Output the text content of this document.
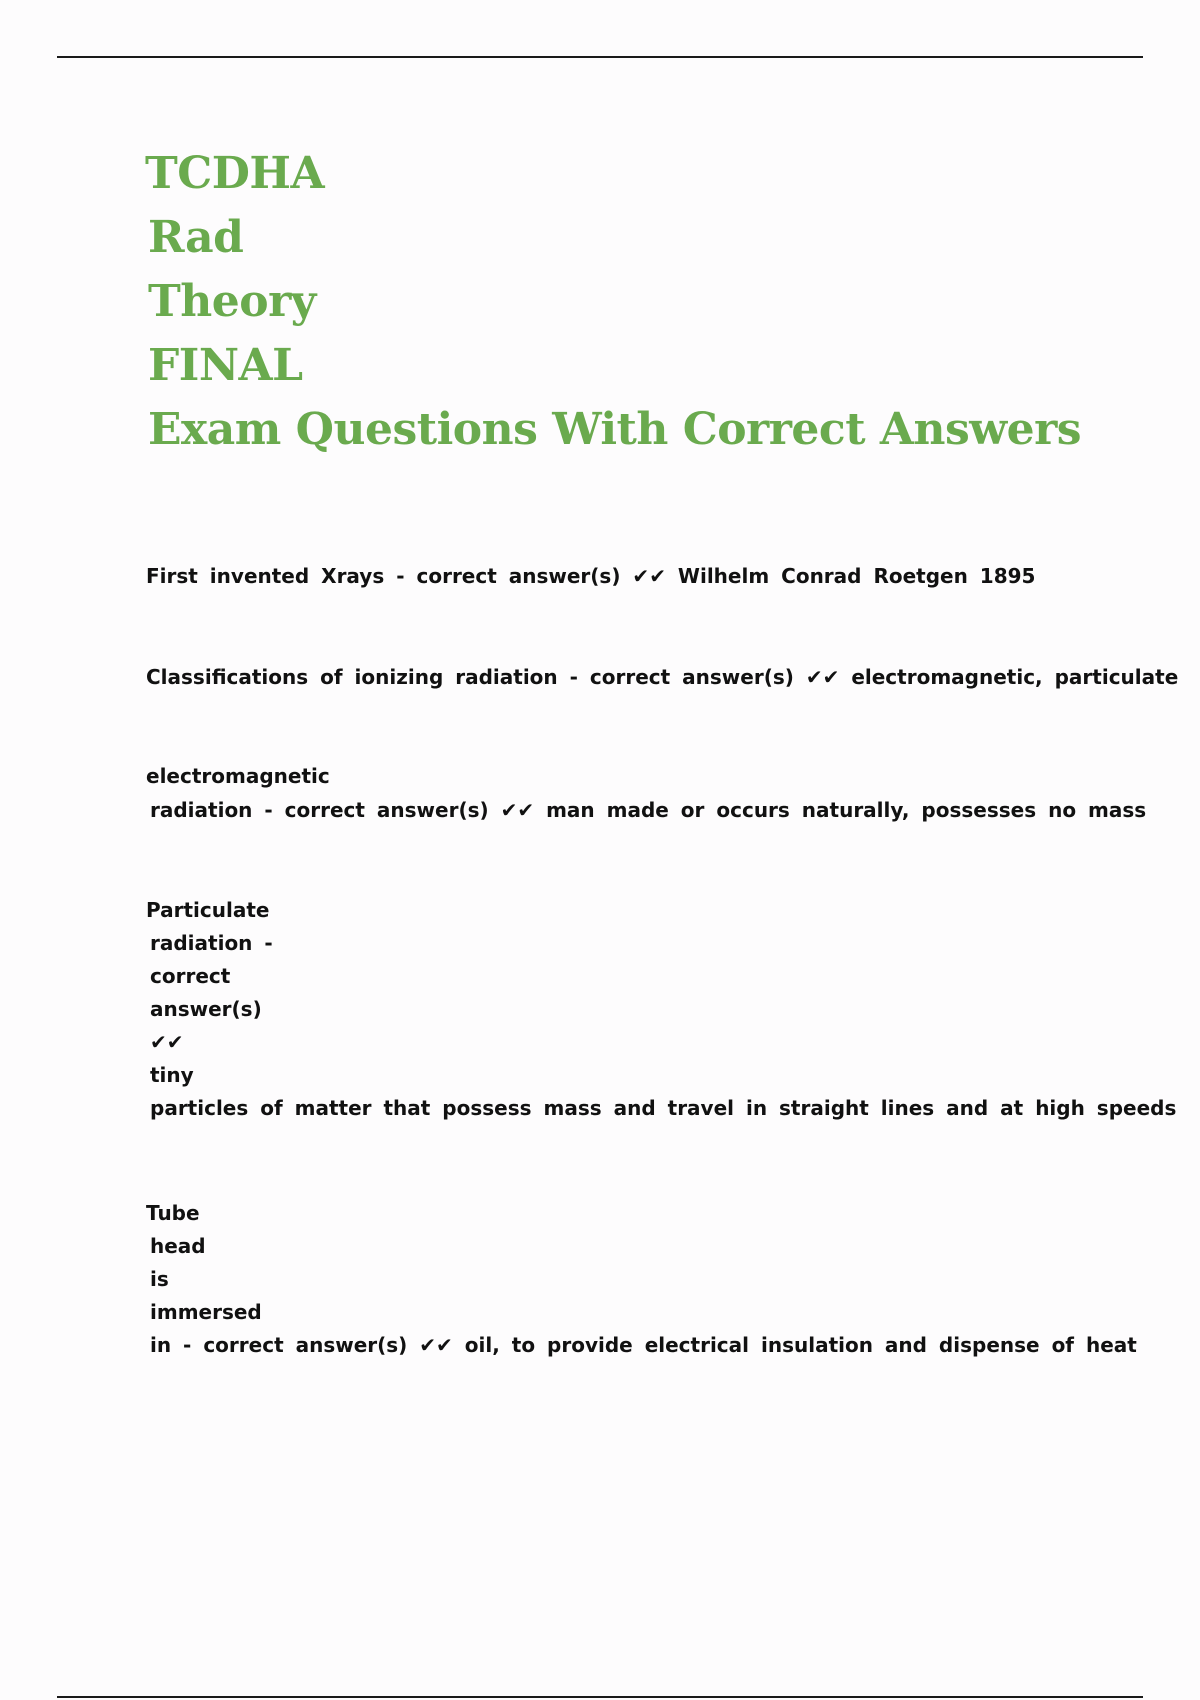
TCDHA
Rad
Theory
FINAL
Exam Questions With Correct Answers
First invented Xrays - correct answer(s) ✔✔ Wilhelm Conrad Roetgen 1895
Classifications of ionizing radiation - correct answer(s) ✔✔ electromagnetic, particulate
electromagnetic
radiation - correct answer(s) ✔✔ man made or occurs naturally, possesses no mass
Particulate
radiation -
correct
answer(s)
✔✔
tiny
particles of matter that possess mass and travel in straight lines and at high speeds
Tube
head
is
immersed
in - correct answer(s) ✔✔ oil, to provide electrical insulation and dispense of heat
